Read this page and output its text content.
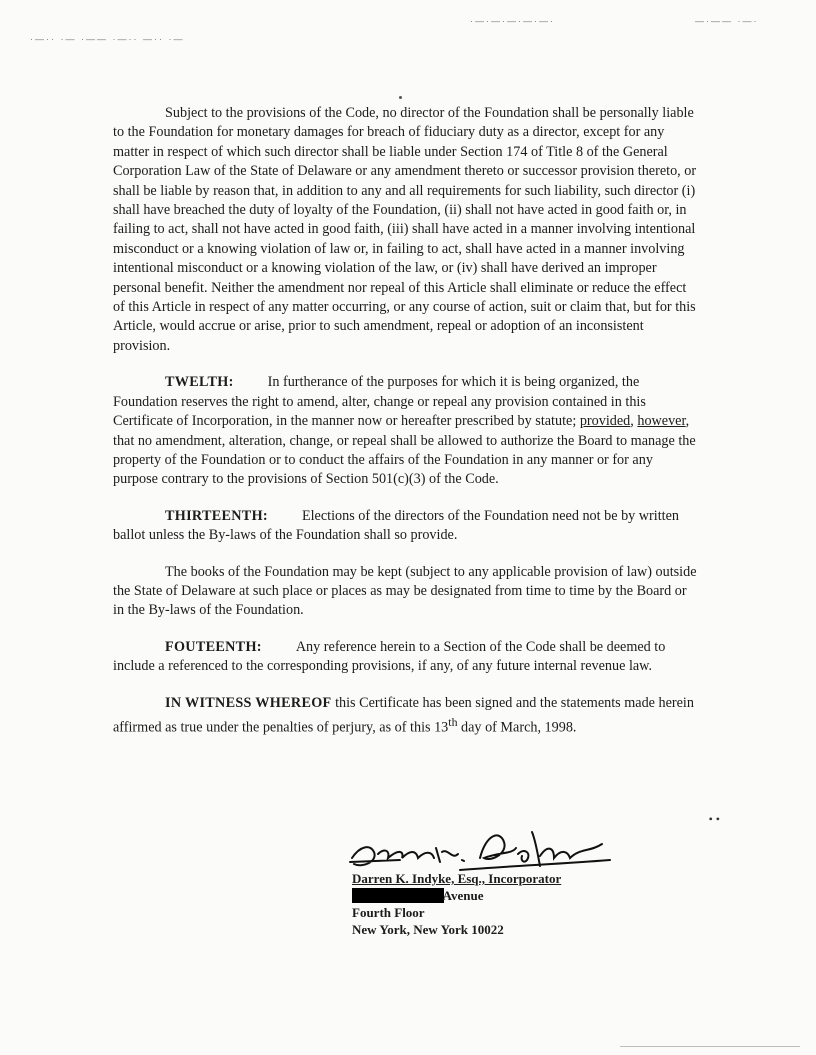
·—·· ·— ·—— ·—·· —·· ·—
·—·—·—·—·—·	—·—— ·—·

Subject to the provisions of the Code, no director of the Foundation shall be personally liable to the Foundation for monetary damages for breach of fiduciary duty as a director, except for any matter in respect of which such director shall be liable under Section 174 of Title 8 of the General Corporation Law of the State of Delaware or any amendment thereto or successor provision thereto, or shall be liable by reason that, in addition to any and all requirements for such liability, such director (i) shall have breached the duty of loyalty of the Foundation, (ii) shall not have acted in good faith or, in failing to act, shall not have acted in good faith, (iii) shall have acted in a manner involving intentional misconduct or a knowing violation of law or, in failing to act, shall have acted in a manner involving intentional misconduct or a knowing violation of the law, or (iv) shall have derived an improper personal benefit. Neither the amendment nor repeal of this Article shall eliminate or reduce the effect of this Article in respect of any matter occurring, or any course of action, suit or claim that, but for this Article, would accrue or arise, prior to such amendment, repeal or adoption of an inconsistent provision.

TWELTH: In furtherance of the purposes for which it is being organized, the Foundation reserves the right to amend, alter, change or repeal any provision contained in this Certificate of Incorporation, in the manner now or hereafter prescribed by statute; provided, however, that no amendment, alteration, change, or repeal shall be allowed to authorize the Board to manage the property of the Foundation or to conduct the affairs of the Foundation in any manner or for any purpose contrary to the provisions of Section 501(c)(3) of the Code.

THIRTEENTH: Elections of the directors of the Foundation need not be by written ballot unless the By-laws of the Foundation shall so provide.

The books of the Foundation may be kept (subject to any applicable provision of law) outside the State of Delaware at such place or places as may be designated from time to time by the Board or in the By-laws of the Foundation.

FOUTEENTH: Any reference herein to a Section of the Code shall be deemed to include a referenced to the corresponding provisions, if any, of any future internal revenue law.

IN WITNESS WHEREOF this Certificate has been signed and the statements made herein affirmed as true under the penalties of perjury, as of this 13th day of March, 1998.

• •
Darren K. Indyke, Esq., Incorporator
Avenue
Fourth Floor
New York, New York 10022
